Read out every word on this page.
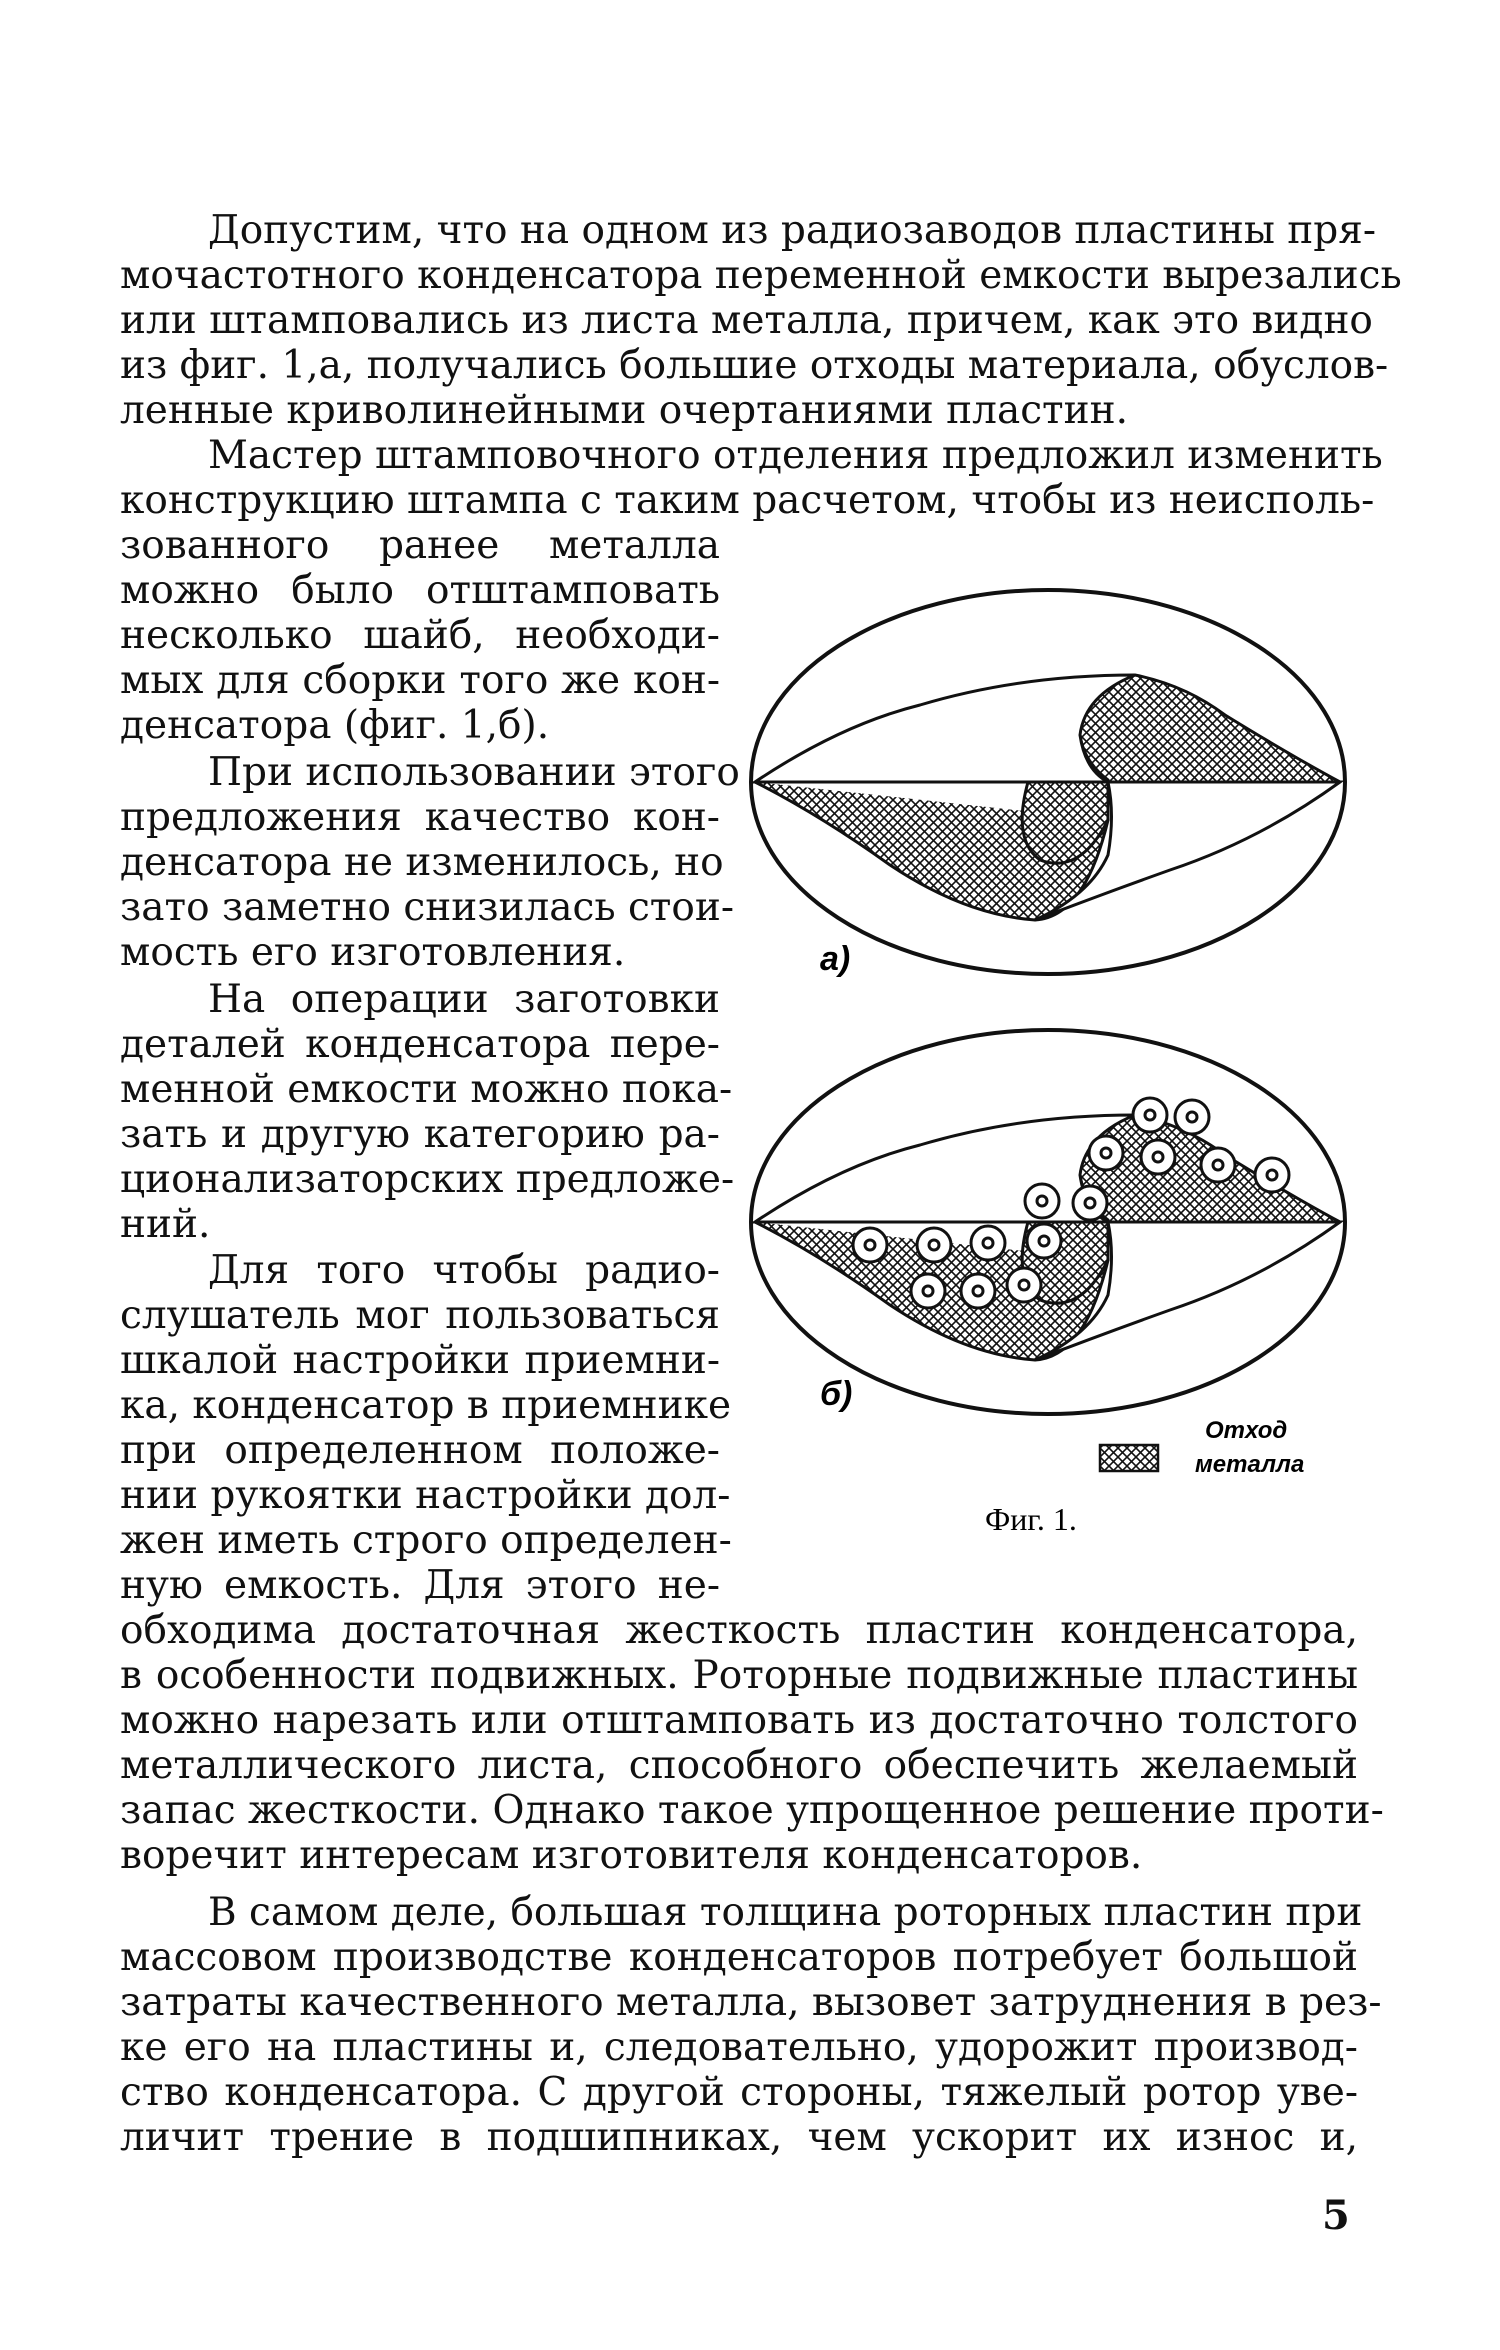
Допустим, что на одном из радиозаводов пластины пря-
мочастотного конденсатора переменной емкости вырезались
или штамповались из листа металла, причем, как это видно
из фиг. 1,а, получались большие отходы материала, обуслов-
ленные криволинейными очертаниями пластин.
Мастер штамповочного отделения предложил изменить
конструкцию штампа с таким расчетом, чтобы из неисполь-
зованного ранее металла
можно было отштамповать
несколько шайб, необходи-
мых для сборки того же кон-
денсатора (фиг. 1,б).
При использовании этого
предложения качество кон-
денсатора не изменилось, но
зато заметно снизилась стои-
мость его изготовления.
На операции заготовки
деталей конденсатора пере-
менной емкости можно пока-
зать и другую категорию ра-
ционализаторских предложе-
ний.
Для того чтобы радио-
слушатель мог пользоваться
шкалой настройки приемни-
ка, конденсатор в приемнике
при определенном положе-
нии рукоятки настройки дол-
жен иметь строго определен-
ную емкость. Для этого не-
обходима достаточная жесткость пластин конденсатора,
в особенности подвижных. Роторные подвижные пластины
можно нарезать или отштамповать из достаточно толстого
металлического листа, способного обеспечить желаемый
запас жесткости. Однако такое упрощенное решение проти-
воречит интересам изготовителя конденсаторов.
В самом деле, большая толщина роторных пластин при
массовом производстве конденсаторов потребует большой
затраты качественного металла, вызовет затруднения в рез-
ке его на пластины и, следовательно, удорожит производ-
ство конденсатора. С другой стороны, тяжелый ротор уве-
личит трение в подшипниках, чем ускорит их износ и,
а)
б)
Отход
металла
Фиг. 1.
5
